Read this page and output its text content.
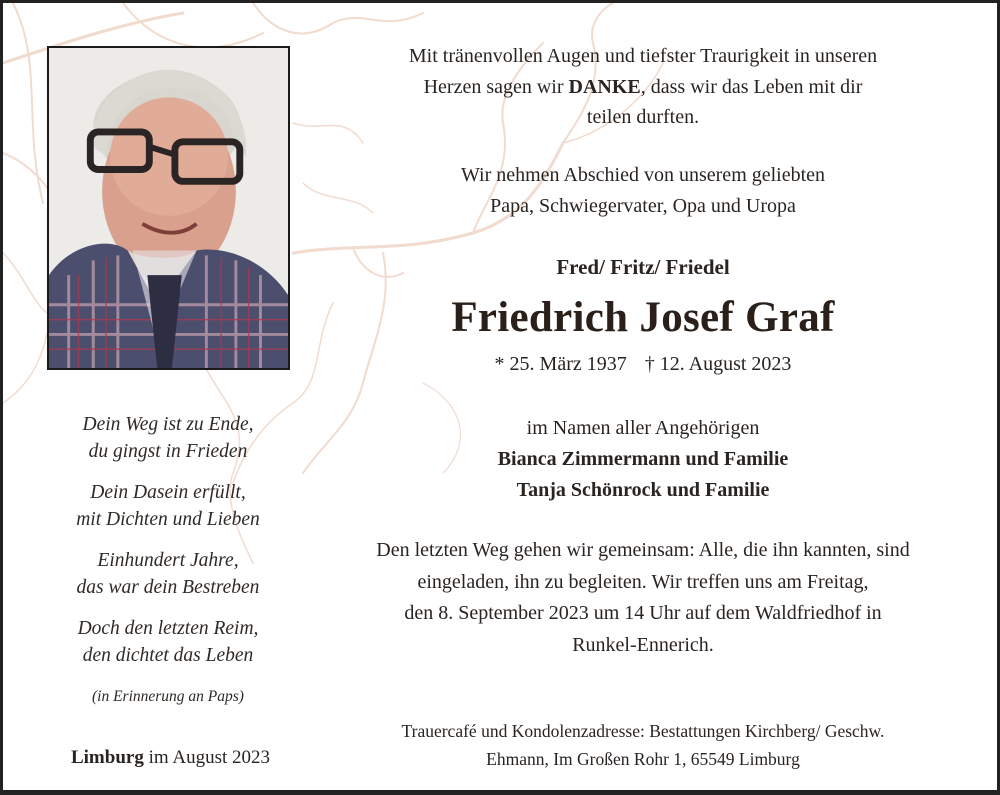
Mit tränenvollen Augen und tiefster Traurigkeit in unseren
Herzen sagen wir DANKE, dass wir das Leben mit dir
teilen durften.
Wir nehmen Abschied von unserem geliebten
Papa, Schwiegervater, Opa und Uropa
Fred/ Fritz/ Friedel
Friedrich Josef Graf
* 25. März 1937 † 12. August 2023
im Namen aller Angehörigen
Bianca Zimmermann und Familie
Tanja Schönrock und Familie
Den letzten Weg gehen wir gemeinsam: Alle, die ihn kannten, sind
eingeladen, ihn zu begleiten. Wir treffen uns am Freitag,
den 8. September 2023 um 14 Uhr auf dem Waldfriedhof in
Runkel-Ennerich.
Trauercafé und Kondolenzadresse: Bestattungen Kirchberg/ Geschw.
Ehmann, Im Großen Rohr 1, 65549 Limburg
Dein Weg ist zu Ende,
du gingst in Frieden
Dein Dasein erfüllt,
mit Dichten und Lieben
Einhundert Jahre,
das war dein Bestreben
Doch den letzten Reim,
den dichtet das Leben
(in Erinnerung an Paps)
Limburg im August 2023
